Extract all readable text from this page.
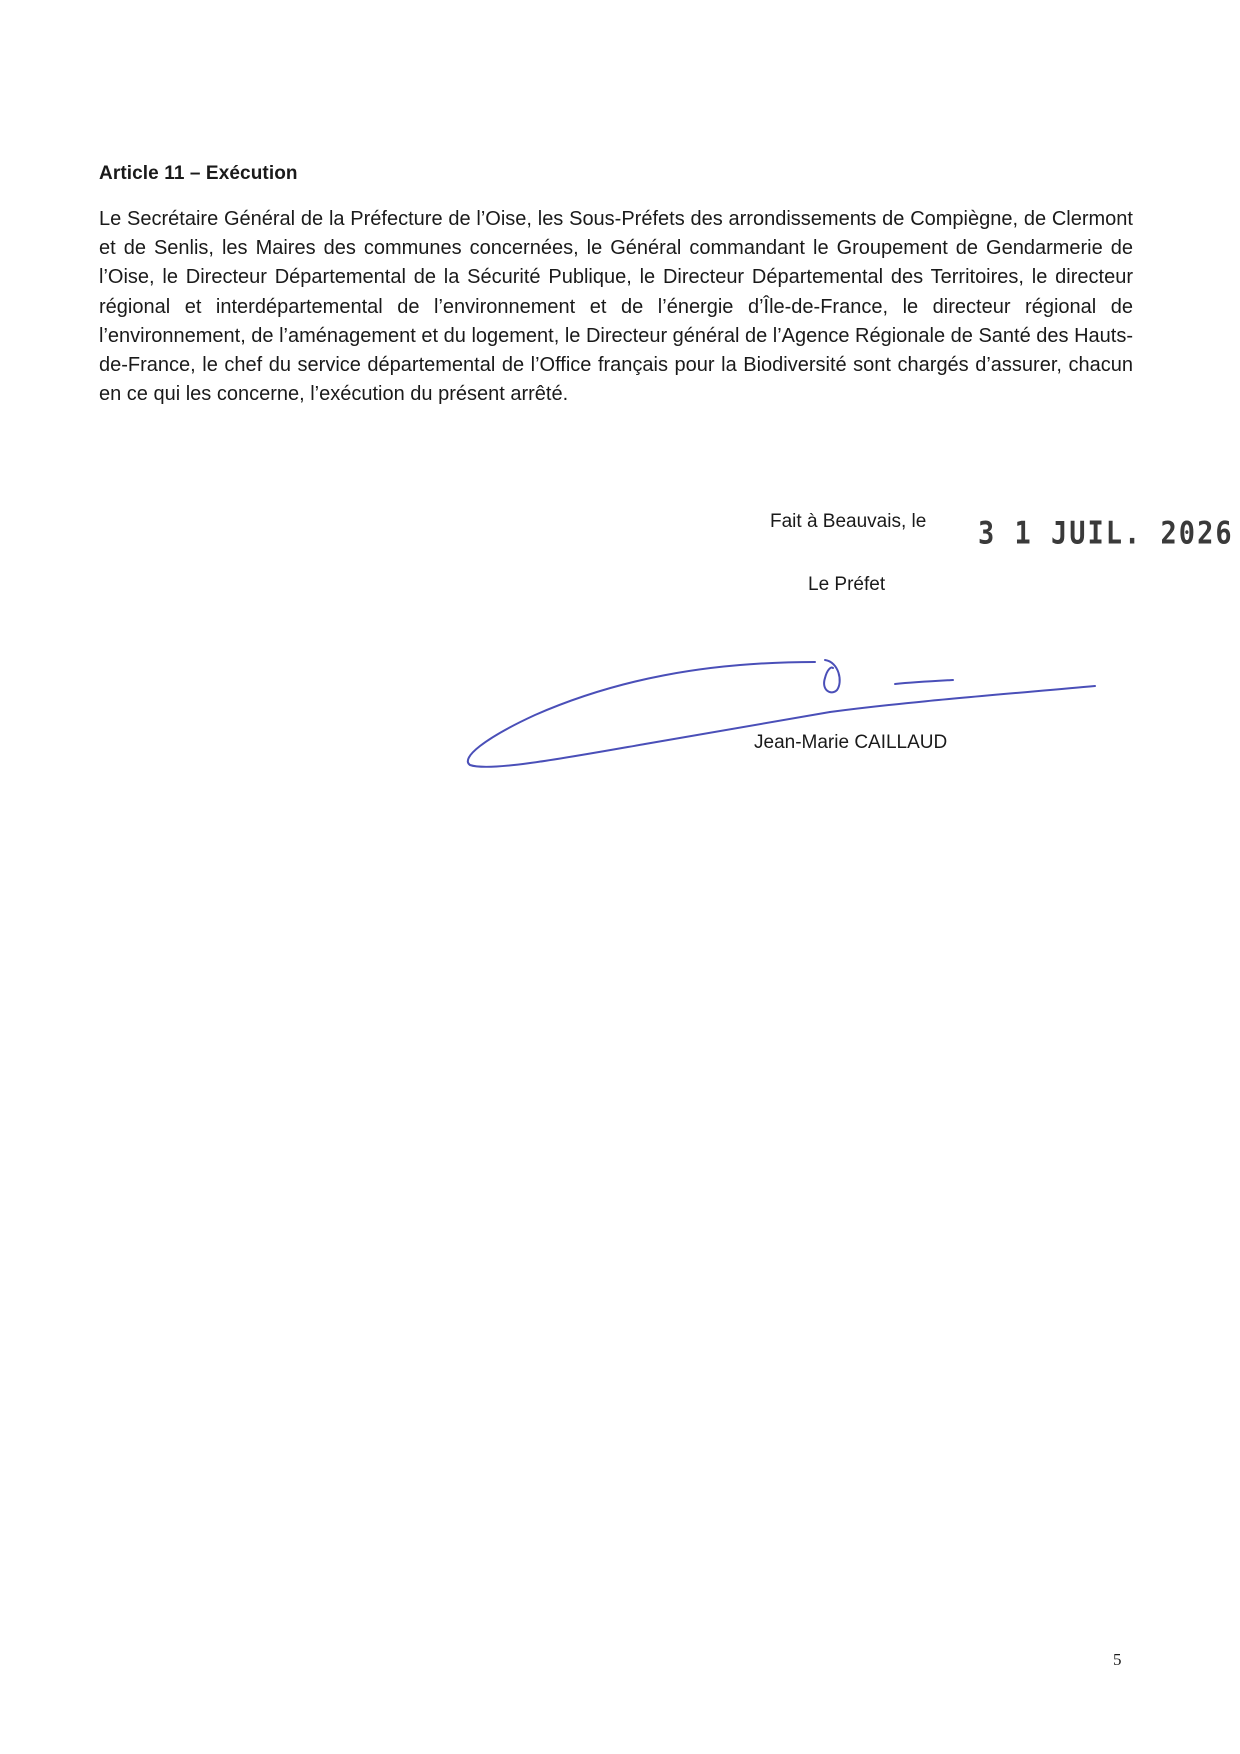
Article 11 – Exécution
Le Secrétaire Général de la Préfecture de l’Oise, les Sous-Préfets des arrondissements de Compiègne, de Clermont et de Senlis, les Maires des communes concernées, le Général commandant le Groupement de Gendarmerie de l’Oise, le Directeur Départemental de la Sécurité Publique, le Directeur Départemental des Territoires, le directeur régional et interdépartemental de l’environnement et de l’énergie d’Île-de-France, le directeur régional de l’environnement, de l’aménagement et du logement, le Directeur général de l’Agence Régionale de Santé des Hauts-de-France, le chef du service départemental de l’Office français pour la Biodiversité sont chargés d’assurer, chacun en ce qui les concerne, l’exécution du présent arrêté.
Fait à Beauvais, le 3 1 JUIL. 2026
Le Préfet
Jean-Marie CAILLAUD
5
